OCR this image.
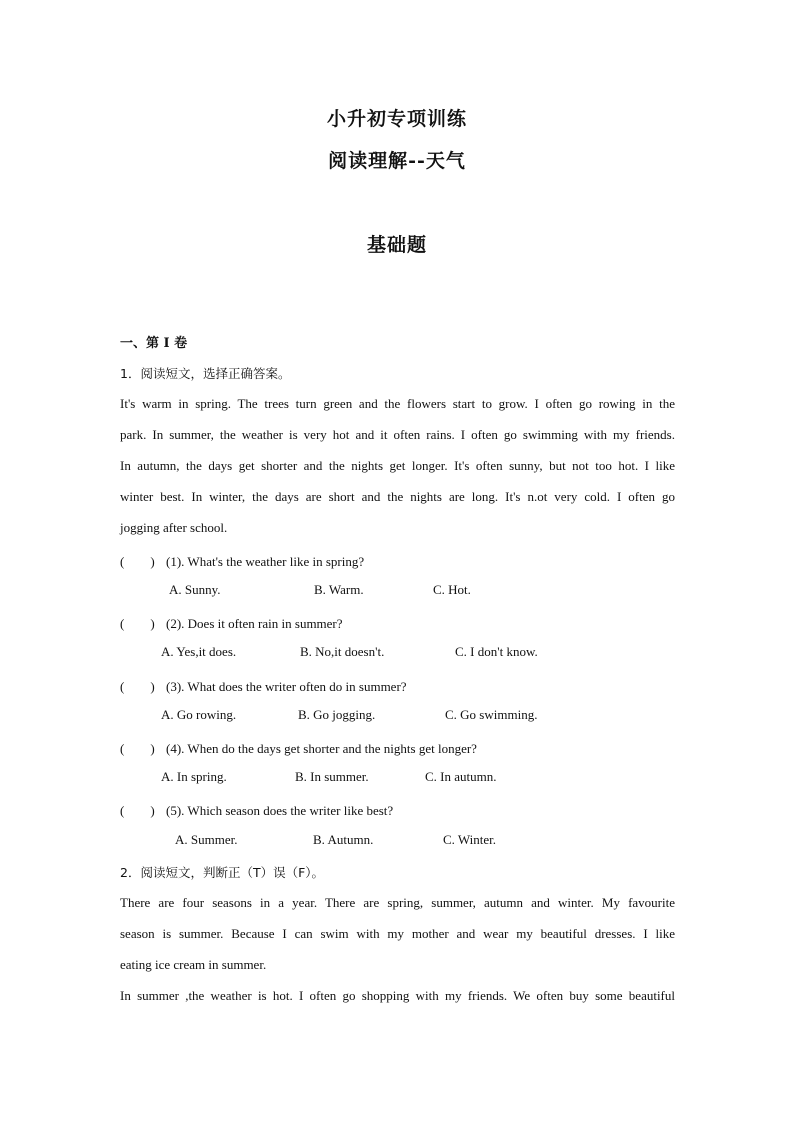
小升初专项训练
阅读理解--天气
基础题
一、第 I 卷
1．阅读短文，选择正确答案。
It's warm in spring. The trees turn green and the flowers start to grow. I often go rowing in the
park. In summer, the weather is very hot and it often rains. I often go swimming with my friends.
In autumn, the days get shorter and the nights get longer. It's often sunny, but not too hot. I like
winter best. In winter, the days are short and the nights are long. It's n.ot very cold. I often go
jogging after school.
(　　) (1). What's the weather like in spring?
A. Sunny.	B. Warm.	C. Hot.
(　　) (2). Does it often rain in summer?
A. Yes,it does.	B. No,it doesn't.	C. I don't know.
(　　) (3). What does the writer often do in summer?
A. Go rowing.	B. Go jogging.	C. Go swimming.
(　　) (4). When do the days get shorter and the nights get longer?
A. In spring.	B. In summer.	C. In autumn.
(　　) (5). Which season does the writer like best?
A. Summer.	B. Autumn.	C. Winter.
2．阅读短文，判断正（T）误（F）。
There are four seasons in a year. There are spring, summer, autumn and winter. My favourite
season is summer. Because I can swim with my mother and wear my beautiful dresses. I like
eating ice cream in summer.
In summer ,the weather is hot. I often go shopping with my friends. We often buy some beautiful
